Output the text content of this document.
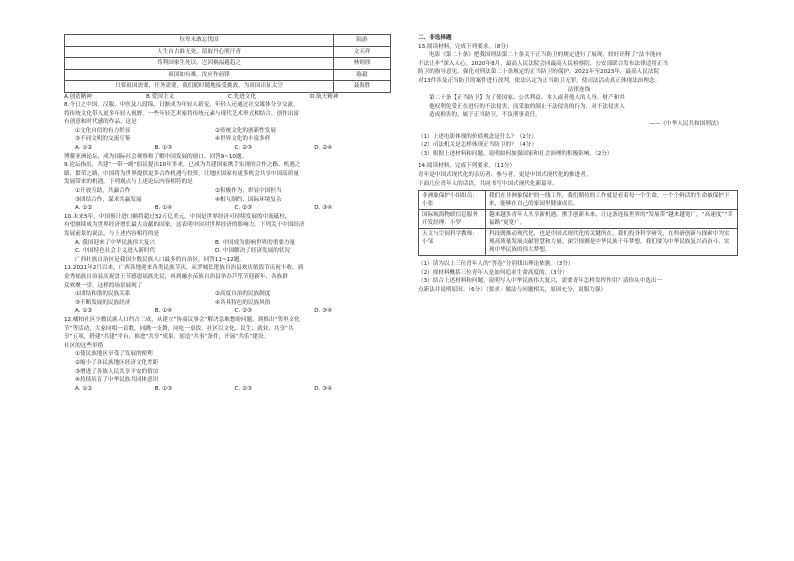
位卑未敢忘忧国	陆游
人生自古谁无死，留取丹心照汗青	文天祥
苟利国家生死以，岂因祸福避趋之	林则徐
祖国如有难，汝应作前锋	陈毅
只要祖国需要，任务需要，我们随时随地接受挑战，为祖国出征太空	聂海胜
A.创造精神	B.爱国主义	C.先进文化	D.航天精神
8.今日之中国，汉服、中医及八段锦，日渐成为年轻人新宠。年轻人还通过社交媒体分享交流，
将传统文化带入更多年轻人视野。一些年轻艺术家将传统元素与现代艺术形式相结合，创作出富
有创意和时代感的作品。这是
①文化自信的有力彰显	②传统文化的创新性发展
③不同文明的交流互鉴	④世界文化的丰富多样
A. ①②	B. ①③	C. ②③	D. ②④
博鳌亚洲论坛，成为国际社会观察和了解中国发展的窗口。回答9~10题。
9.论坛指出，共建“一带一路”倡议提出10年多来，已成为共建国家携手实现的合作之路、机遇之
路、繁荣之路，中国将为世界提供更多合作机遇与投资，让地区国家有更多机会共享中国高质量
发展带来的机遇。下列观点与上述论坛内容相符的是
①开放互助，共赢合作	②积极作为，彰显中国担当
③团结合作，谋求共赢发展	④相互制约，国际环境复杂
A. ①②	B. ①④	C. ②③	D. ③④
10.未来5年，中国预计进口额将超过32万亿美元。中国是世界经济可持续发展的中流砥柱，
有望继续成为世界经济增长最大贡献的国家。这表明中国对世界经济的影响力。下列关于中国经济
发展前景的说法，与上述内容相符的是
A. 我国迎来了中华民族伟大复兴	B. 中国成为影响世界的重要力量
C. 中国特色社会主义进入新时代	D. 中国解决了经济发展的状况
广西壮族自治区是我国少数民族人口最多的自治区。回答11~12题。
11.2021年2月以来，广西各地迎来各类民族节庆。从罗城仫佬族自治县欢庆依饭节庆祝丰收，到
金秀瑶族自治县庆祝盘王节感恩瑶族先民，再到融水苗族自治县举办芦笙节迎新年，各族群
众欢聚一堂。这样的场景展现了
①团结和谐的民族关系	②高度自治的民族制度
③不断发展的民族经济	④各具特色的民族风俗
A. ①②	B. ①④	C. ②③	D. ③④
12.橘柏社区少数民族人口约占三成，从建立“协商议事会”解决急难愁盼问题，到推出“邻里文化
节”等活动，大家同唱一首歌，同跳一支舞，同吃一桌饭。社区以文化、民生、就业、共享“共
享”五项，搭建“共建”平台，推进“共享”成果，创造“共事”条件，开展“共乐”建设。
社区的这些举措
①使民族地区享受了发展的便利
②缩小了各民族地区经济文化差距
③增进了各族人民共享平安的情谊
④持续培育了中华民族共同体意识
A. ①②	B. ①③	C. ②③	D. ③④
二、非选择题
13.阅读材料，完成下列要求。（8分）
电影《第二十条》把我国刑法第二十条关于正当防卫的规定进行了展现，较好诠释了“法不能向
不法让步”深入人心。2020年8月，最高人民法院会同最高人民检察院、公安部联合发布法律适用正当
防卫的指导意见，强化对刑法第二十条规定的正当防卫的保护。2021年至2023年，最高人民法院
对13件涉及正当防卫的案件进行改判，依法认定为正当防卫无罪，使司法活动真正体现法治理念。
法律连线
第二十条【正当防卫】为了使国家、公共利益、本人或者他人的人身、财产和其
他权利免受正在进行的不法侵害，而采取的制止不法侵害的行为，对不法侵害人
造成损害的，属于正当防卫，不负刑事责任。
——《中华人民共和国刑法》
（1）上述电影体现的价值观念是什么？（2分）
（2）司法机关是怎样体现正当防卫的？（4分）
（3）根据上述材料和问题，说明如何加强国家和社会治理的积极影响。（2分）
14.阅读材料，完成下列要求。（11分）
青年是中国式现代化的亲历者、参与者，更是中国式现代化的推进者。
下面几位青年人的话语，共同书写中国式现代化新篇章。
非洲象保护小组组员：小张	我们在非洲象保护的一线工作，我们期待的工作就是看着每一个生命，一个个鲜活的生命被保护下来，能够在自己的家园里健康成长。
国际航海物联信息服务开发经理：小罗	越来越多青年人共享新机遇，携手创新未来，让这条连接世界的“发展带”越来越宽广，“高速度”“幸福路”更宽广。
天文与空间科学教师：小邹	科技既推动现代化，也是中国式现代化的关键所在。我们投身科学研究，在科研创新与探索中为实现高质量发展贡献智慧和力量。深空探测是中华民族千年梦想，我们要为中华民族复兴而奋斗，实现中华民族的伟大梦想。
（1）请为以上三位青年人的“答卷”分别找出理论依据。（3分）
（2）探材料概括三位青年人是如何追求生命高度的。（3分）
（3）结合上述材料和问题，说明写入中华民族伟大复兴，需要青年怎样发挥作用？请你从中选出一
点新法并说明原因。（6分）（要求：做法与问题相关，原因充分，说服力强）
